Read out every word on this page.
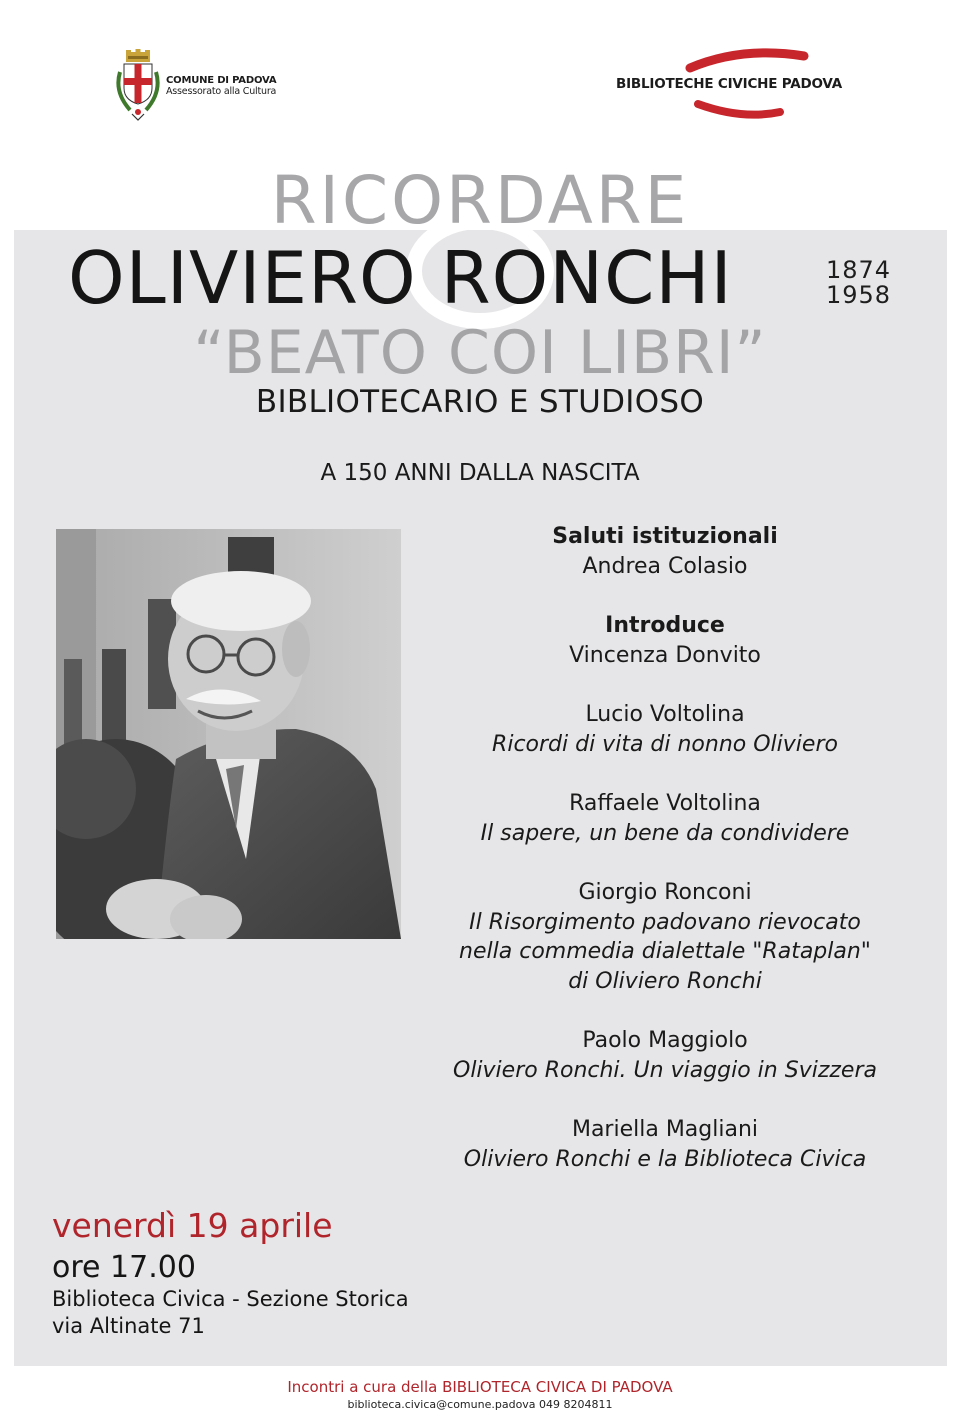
COMUNE DI PADOVA
Assessorato alla Cultura	BIBLIOTECHE CIVICHE PADOVA
RICORDARE
OLIVIERO RONCHI	1874
1958
“BEATO COI LIBRI”
BIBLIOTECARIO E STUDIOSO
A 150 ANNI DALLA NASCITA
Saluti istituzionali
Andrea Colasio
Introduce
Vincenza Donvito
Lucio Voltolina
Ricordi di vita di nonno Oliviero
Raffaele Voltolina
Il sapere, un bene da condividere
Giorgio Ronconi
Il Risorgimento padovano rievocato
nella commedia dialettale "Rataplan"
di Oliviero Ronchi
Paolo Maggiolo
Oliviero Ronchi. Un viaggio in Svizzera
Mariella Magliani
Oliviero Ronchi e la Biblioteca Civica
venerdì 19 aprile
ore 17.00
Biblioteca Civica - Sezione Storica
via Altinate 71
Incontri a cura della BIBLIOTECA CIVICA DI PADOVA
biblioteca.civica@comune.padova 049 8204811
